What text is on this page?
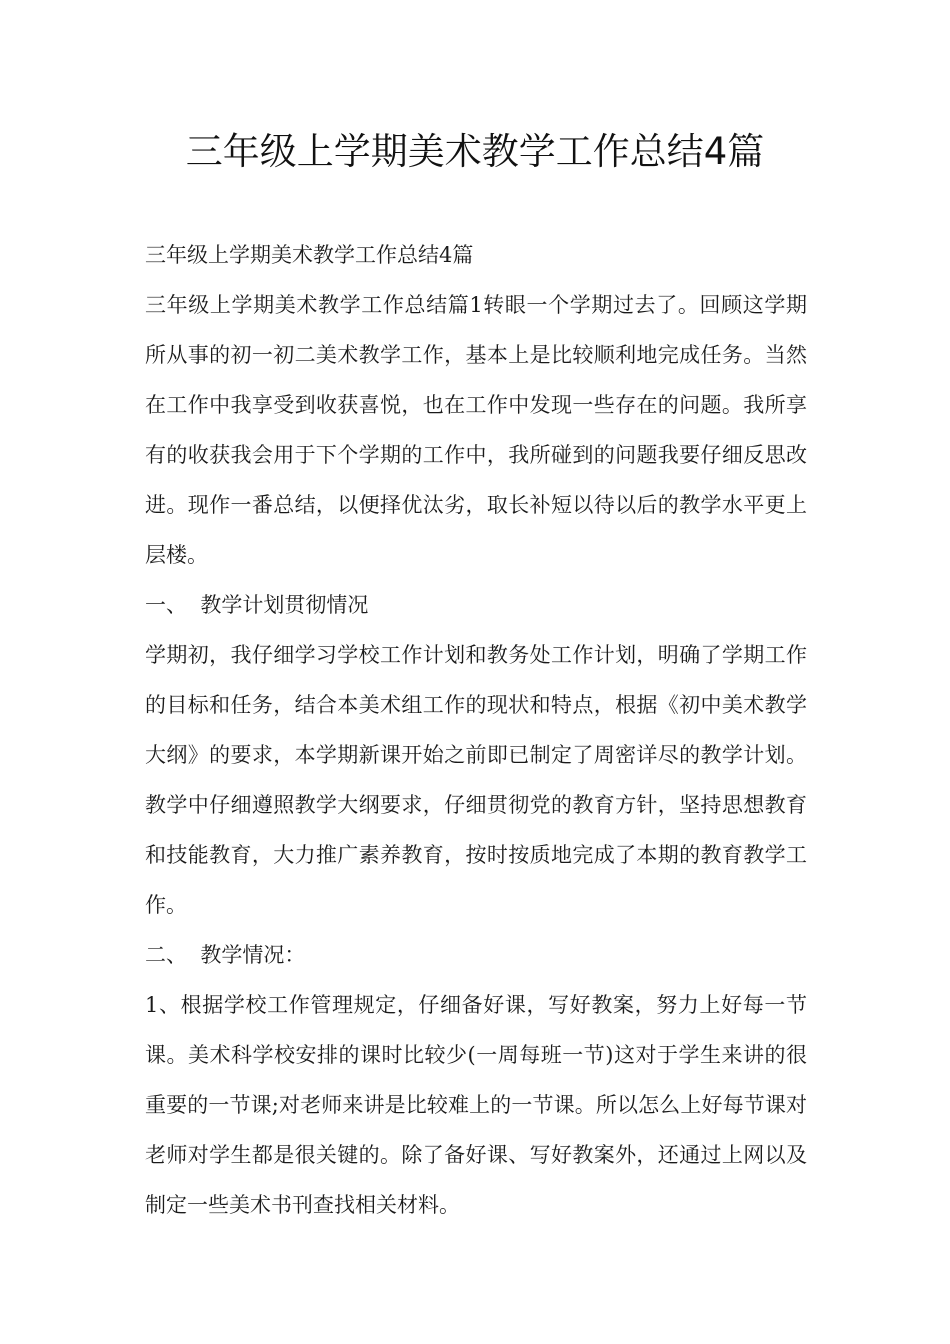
三年级上学期美术教学工作总结4篇

三年级上学期美术教学工作总结4篇

三年级上学期美术教学工作总结篇1转眼一个学期过去了。回顾这学期所从事的初一初二美术教学工作，基本上是比较顺利地完成任务。当然在工作中我享受到收获喜悦，也在工作中发现一些存在的问题。我所享有的收获我会用于下个学期的工作中，我所碰到的问题我要仔细反思改进。现作一番总结，以便择优汰劣，取长补短以待以后的教学水平更上层楼。

一、  教学计划贯彻情况

学期初，我仔细学习学校工作计划和教务处工作计划，明确了学期工作的目标和任务，结合本美术组工作的现状和特点，根据《初中美术教学大纲》的要求，本学期新课开始之前即已制定了周密详尽的教学计划。教学中仔细遵照教学大纲要求，仔细贯彻党的教育方针，坚持思想教育和技能教育，大力推广素养教育，按时按质地完成了本期的教育教学工作。

二、  教学情况：

1、根据学校工作管理规定，仔细备好课，写好教案，努力上好每一节课。美术科学校安排的课时比较少(一周每班一节)这对于学生来讲的很重要的一节课;对老师来讲是比较难上的一节课。所以怎么上好每节课对老师对学生都是很关键的。除了备好课、写好教案外，还通过上网以及制定一些美术书刊查找相关材料。
